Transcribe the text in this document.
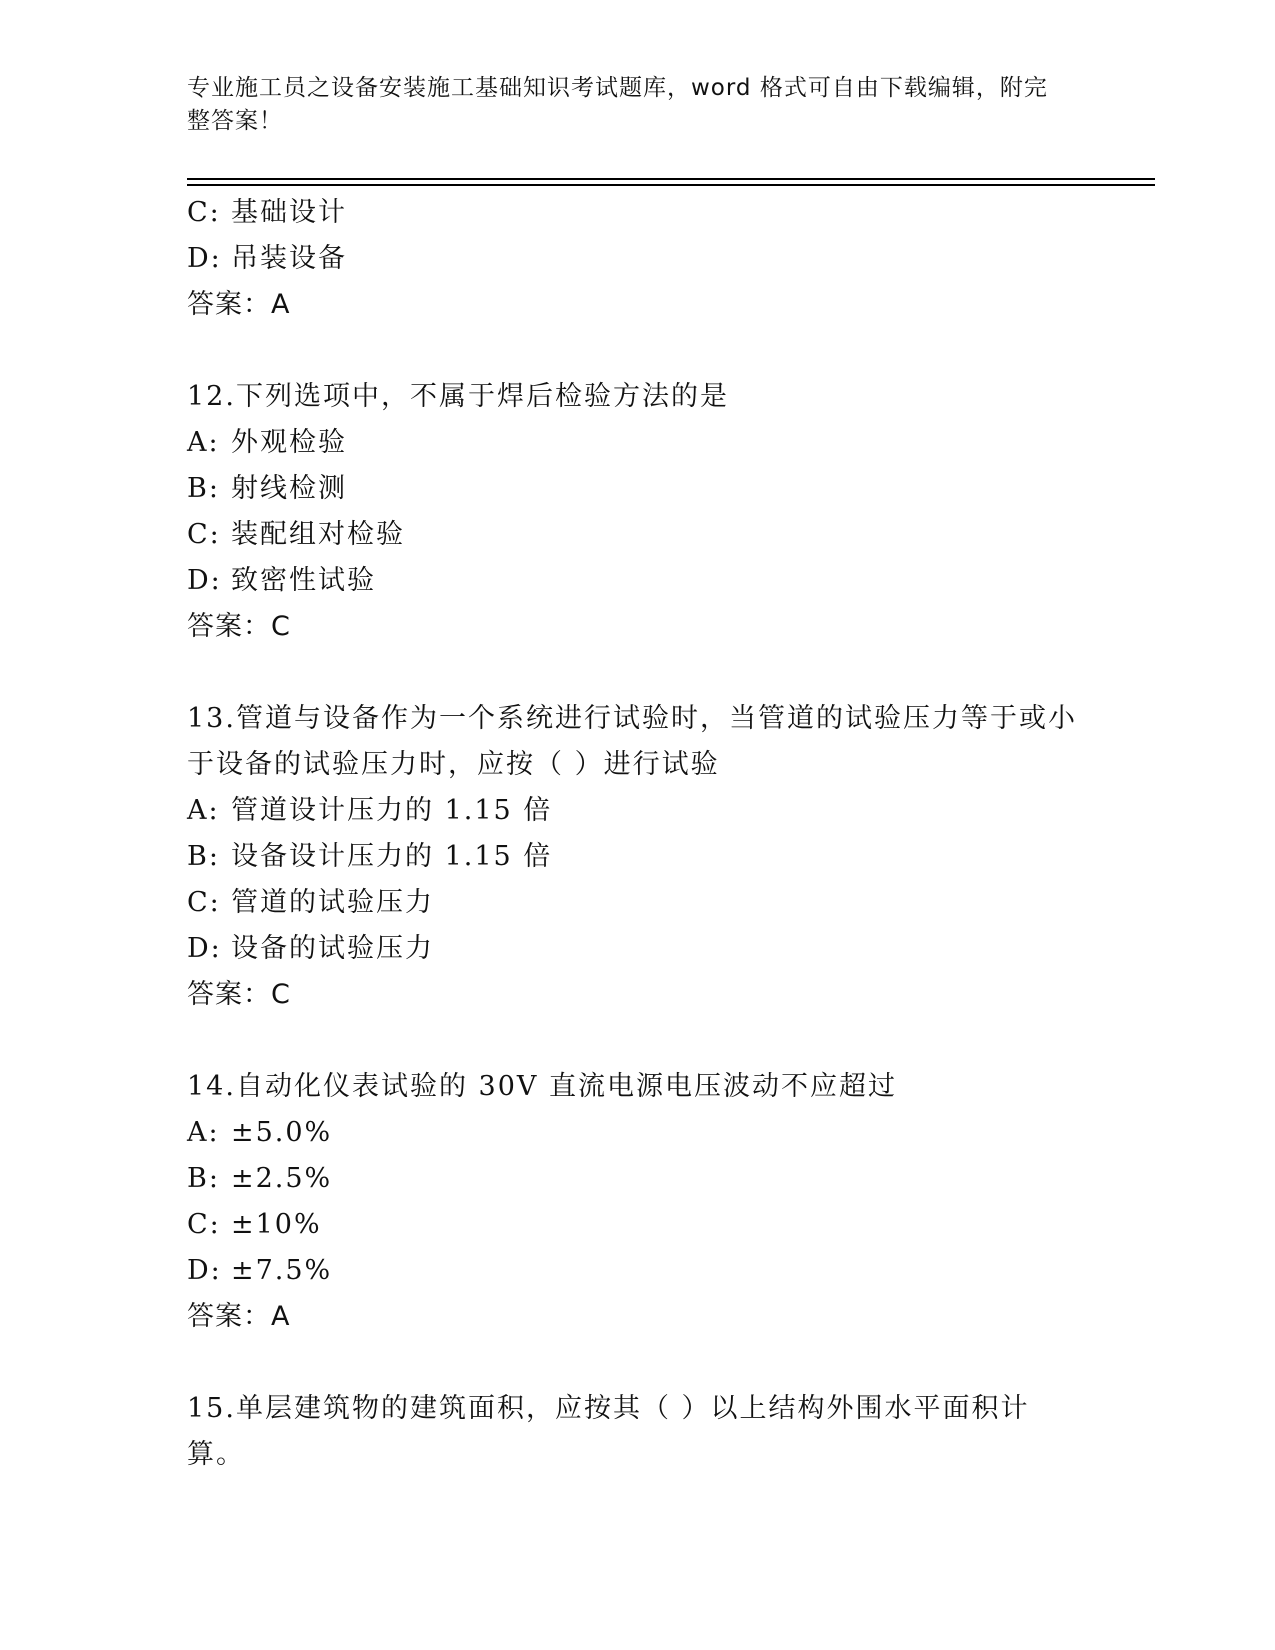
专业施工员之设备安装施工基础知识考试题库，word 格式可自由下载编辑，附完整答案！
C: 基础设计
D: 吊装设备
答案：A
12.下列选项中，不属于焊后检验方法的是
A: 外观检验
B: 射线检测
C: 装配组对检验
D: 致密性试验
答案：C
13.管道与设备作为一个系统进行试验时，当管道的试验压力等于或小于设备的试验压力时，应按（ ）进行试验
A: 管道设计压力的 1.15 倍
B: 设备设计压力的 1.15 倍
C: 管道的试验压力
D: 设备的试验压力
答案：C
14.自动化仪表试验的 30V 直流电源电压波动不应超过
A: ±5.0%
B: ±2.5%
C: ±10%
D: ±7.5%
答案：A
15.单层建筑物的建筑面积，应按其（ ）以上结构外围水平面积计算。
